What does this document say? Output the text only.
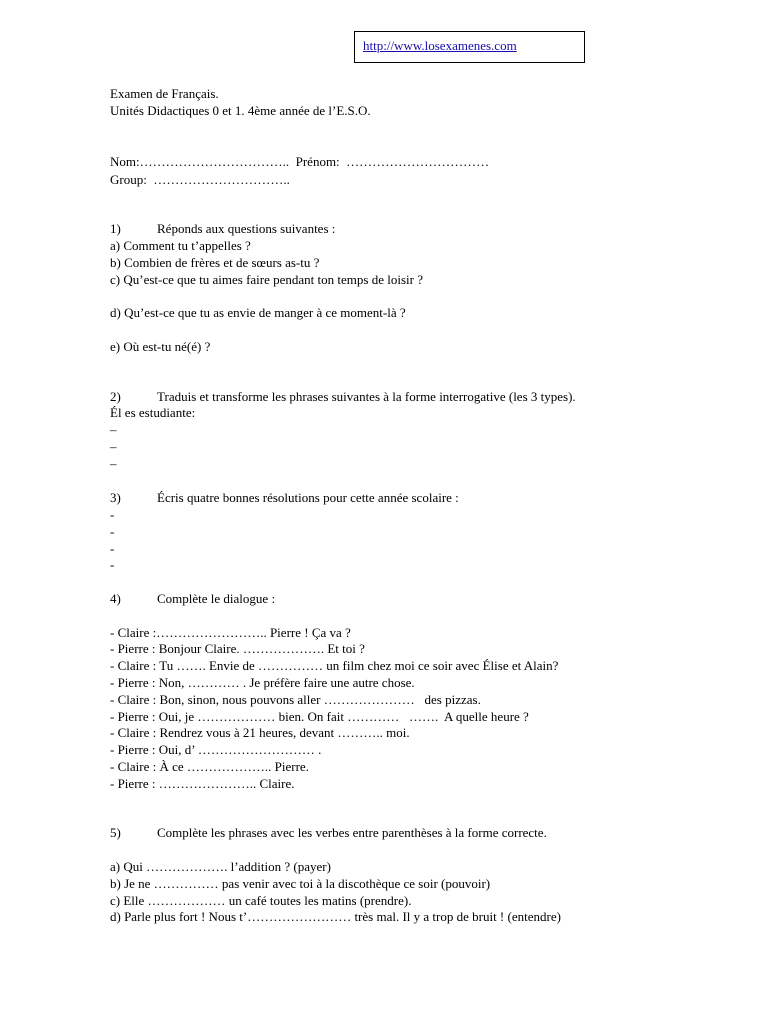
http://www.losexamenes.com
Examen de Français.
Unités Didactiques 0 et 1. 4ème année de l’E.S.O.
Nom:……………………………..  Prénom:  ……………………………
Group:  …………………………..
1)	Réponds aux questions suivantes :
a) Comment tu t’appelles ?
b) Combien de frères et de sœurs as-tu ?
c) Qu’est-ce que tu aimes faire pendant ton temps de loisir ?
d) Qu’est-ce que tu as envie de manger à ce moment-là ?
e) Où est-tu né(é) ?
2)	Traduis et transforme les phrases suivantes à la forme interrogative (les 3 types).
Él es estudiante:
–
–
–
3)	Écris quatre bonnes résolutions pour cette année scolaire :
-
-
-
-
4)	Complète le dialogue :
- Claire :…………………….. Pierre ! Ça va ?
- Pierre : Bonjour Claire. ………………. Et toi ?
- Claire : Tu ……. Envie de …………… un film chez moi ce soir avec Élise et Alain?
- Pierre : Non, ………… . Je préfère faire une autre chose.
- Claire : Bon, sinon, nous pouvons aller …………………   des pizzas.
- Pierre : Oui, je ……………… bien. On fait …………   …….  A quelle heure ?
- Claire : Rendrez vous à 21 heures, devant ……….. moi.
- Pierre : Oui, d’ ……………………… .
- Claire : À ce ……………….. Pierre.
- Pierre : ………………….. Claire.
5)	Complète les phrases avec les verbes entre parenthèses à la forme correcte.
a) Qui ………………. l’addition ? (payer)
b) Je ne …………… pas venir avec toi à la discothèque ce soir (pouvoir)
c) Elle ……………… un café toutes les matins (prendre).
d) Parle plus fort ! Nous t’…………………… très mal. Il y a trop de bruit ! (entendre)
